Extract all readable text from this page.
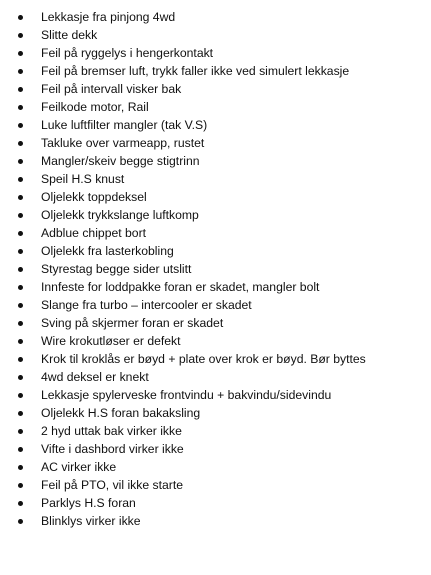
Lekkasje fra pinjong 4wd
Slitte dekk
Feil på ryggelys i hengerkontakt
Feil på bremser luft, trykk faller ikke ved simulert lekkasje
Feil på intervall visker bak
Feilkode motor, Rail
Luke luftfilter mangler (tak V.S)
Takluke over varmeapp, rustet
Mangler/skeiv begge stigtrinn
Speil H.S knust
Oljelekk toppdeksel
Oljelekk trykkslange luftkomp
Adblue chippet bort
Oljelekk fra lasterkobling
Styrestag begge sider utslitt
Innfeste for loddpakke foran er skadet, mangler bolt
Slange fra turbo – intercooler er skadet
Sving på skjermer foran er skadet
Wire krokutløser er defekt
Krok til kroklås er bøyd + plate over krok er bøyd. Bør byttes
4wd deksel er knekt
Lekkasje spylerveske frontvindu + bakvindu/sidevindu
Oljelekk H.S foran bakaksling
2 hyd uttak bak virker ikke
Vifte i dashbord virker ikke
AC virker ikke
Feil på PTO, vil ikke starte
Parklys H.S foran
Blinklys virker ikke
